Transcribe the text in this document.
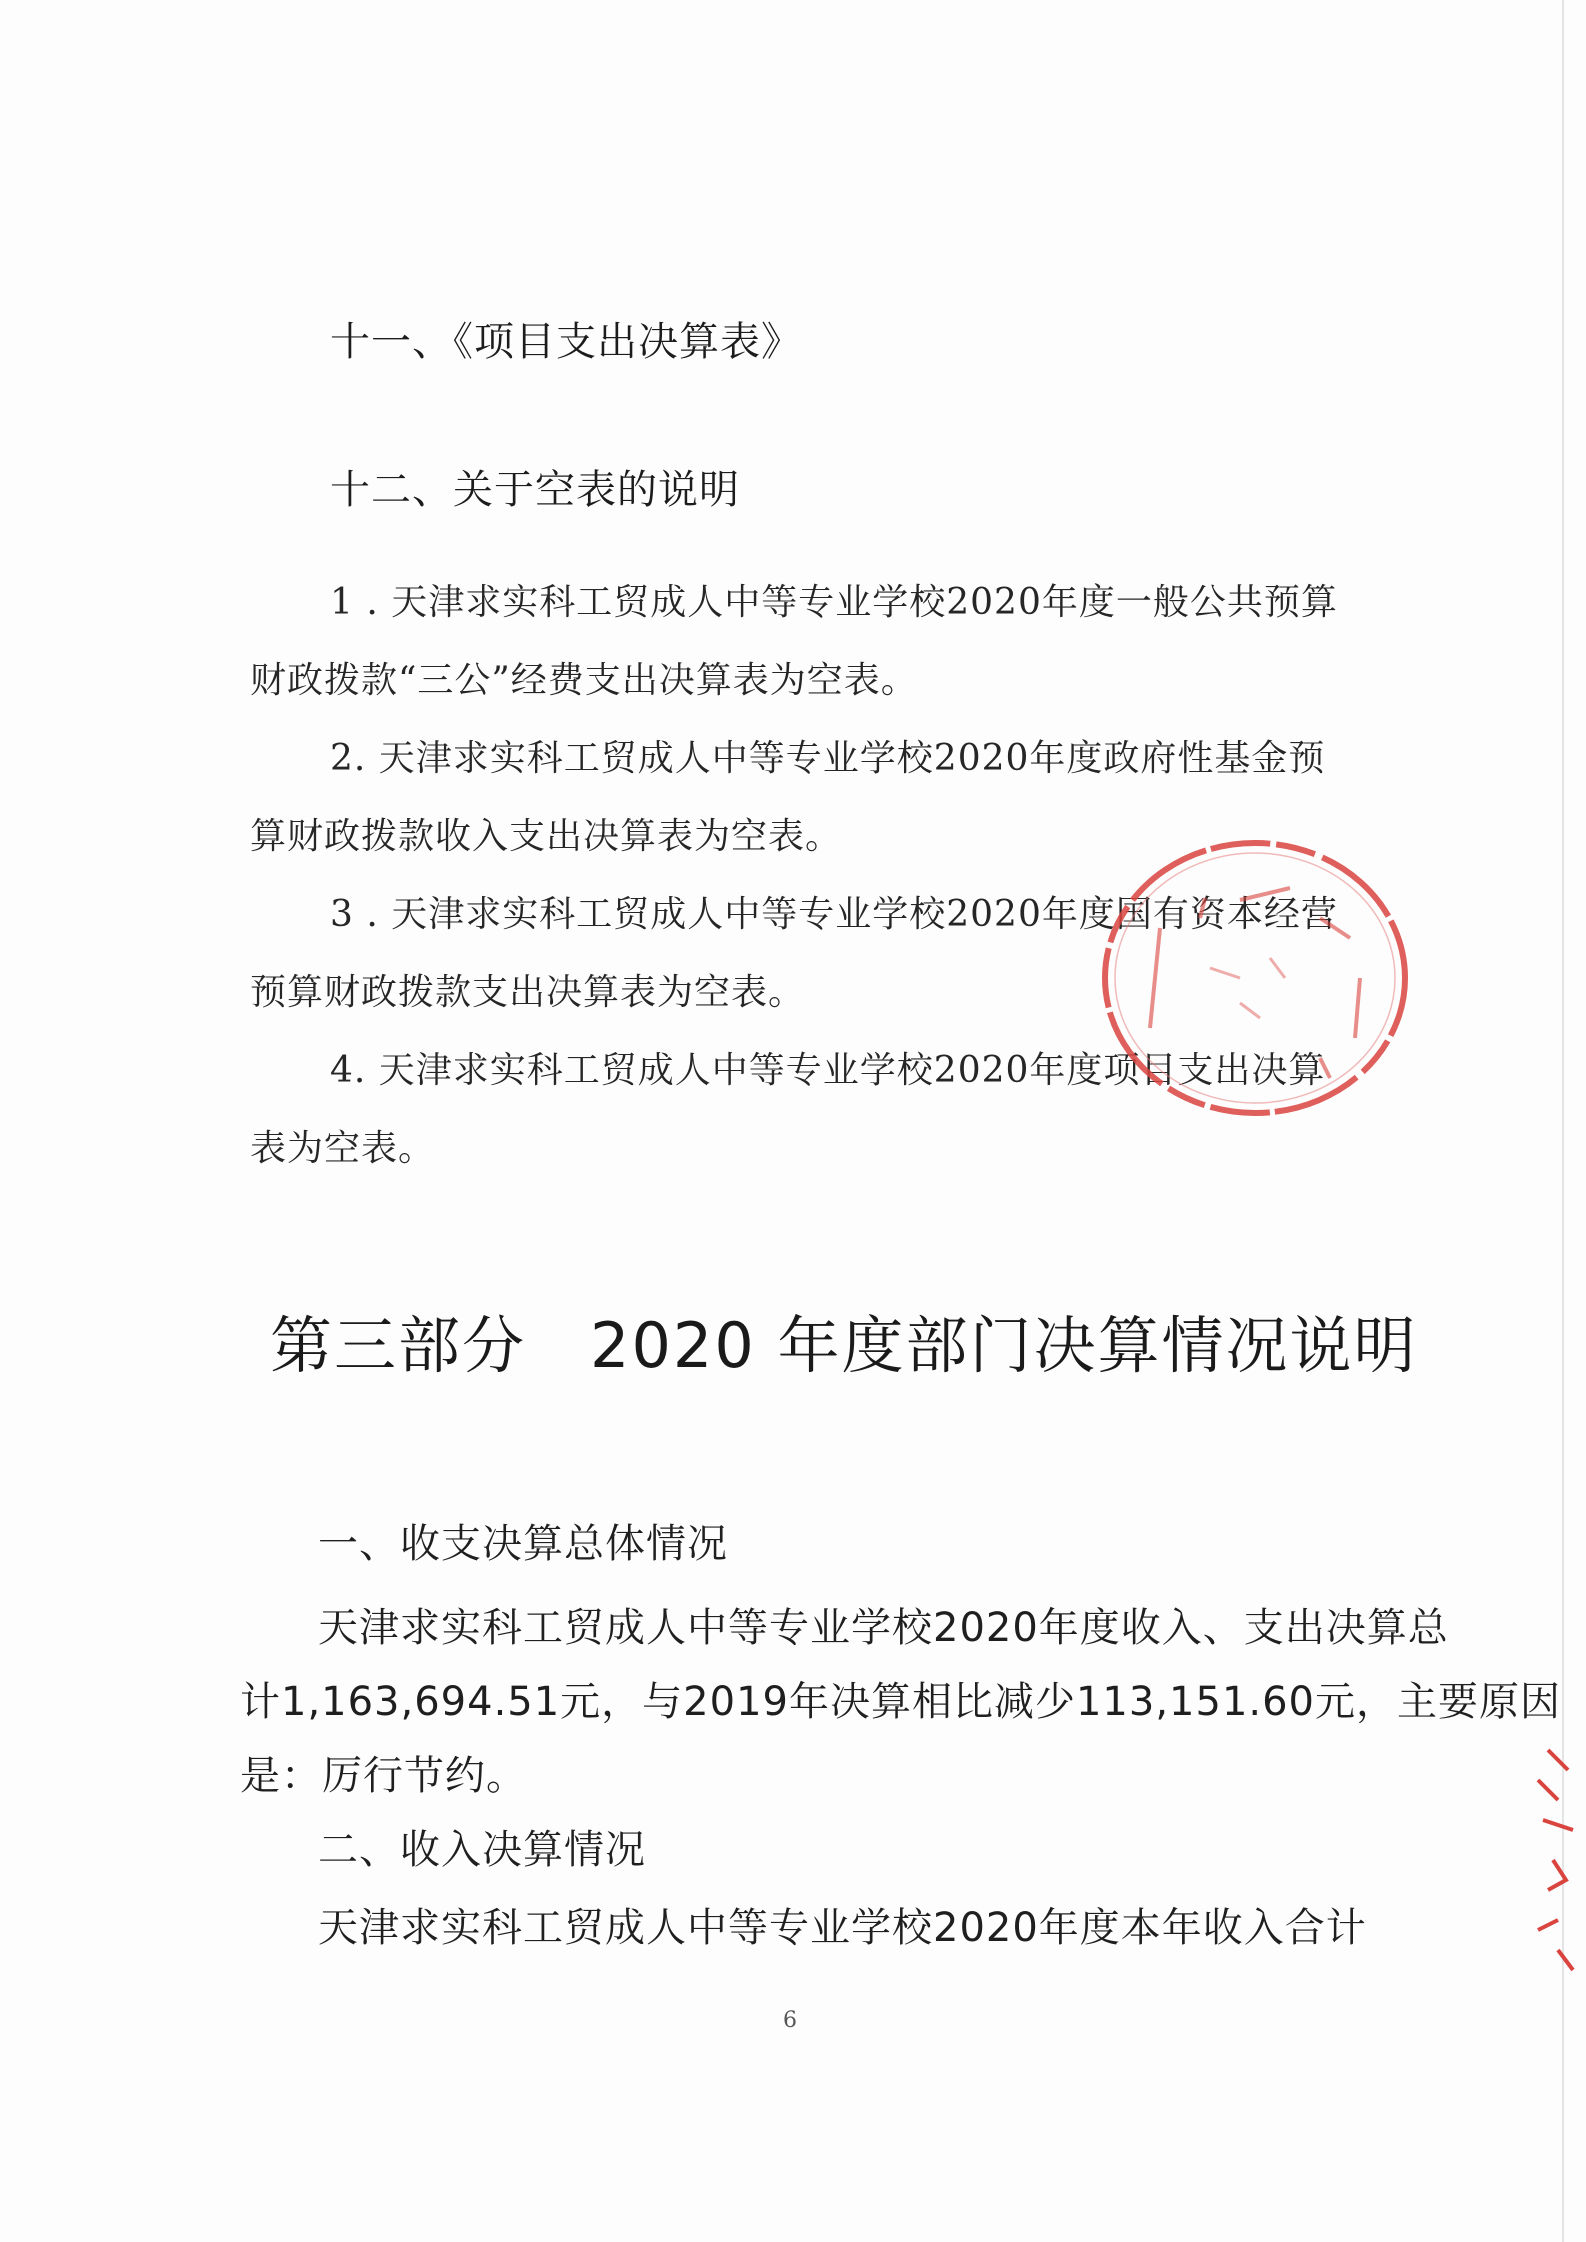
十一、《项目支出决算表》
十二、关于空表的说明
1 . 天津求实科工贸成人中等专业学校2020年度一般公共预算
财政拨款“三公”经费支出决算表为空表。
2. 天津求实科工贸成人中等专业学校2020年度政府性基金预
算财政拨款收入支出决算表为空表。
3 . 天津求实科工贸成人中等专业学校2020年度国有资本经营
预算财政拨款支出决算表为空表。
4. 天津求实科工贸成人中等专业学校2020年度项目支出决算
表为空表。
第三部分　2020 年度部门决算情况说明
一、收支决算总体情况
天津求实科工贸成人中等专业学校2020年度收入、支出决算总
计1,163,694.51元，与2019年决算相比减少113,151.60元，主要原因
是：厉行节约。
二、收入决算情况
天津求实科工贸成人中等专业学校2020年度本年收入合计
6
